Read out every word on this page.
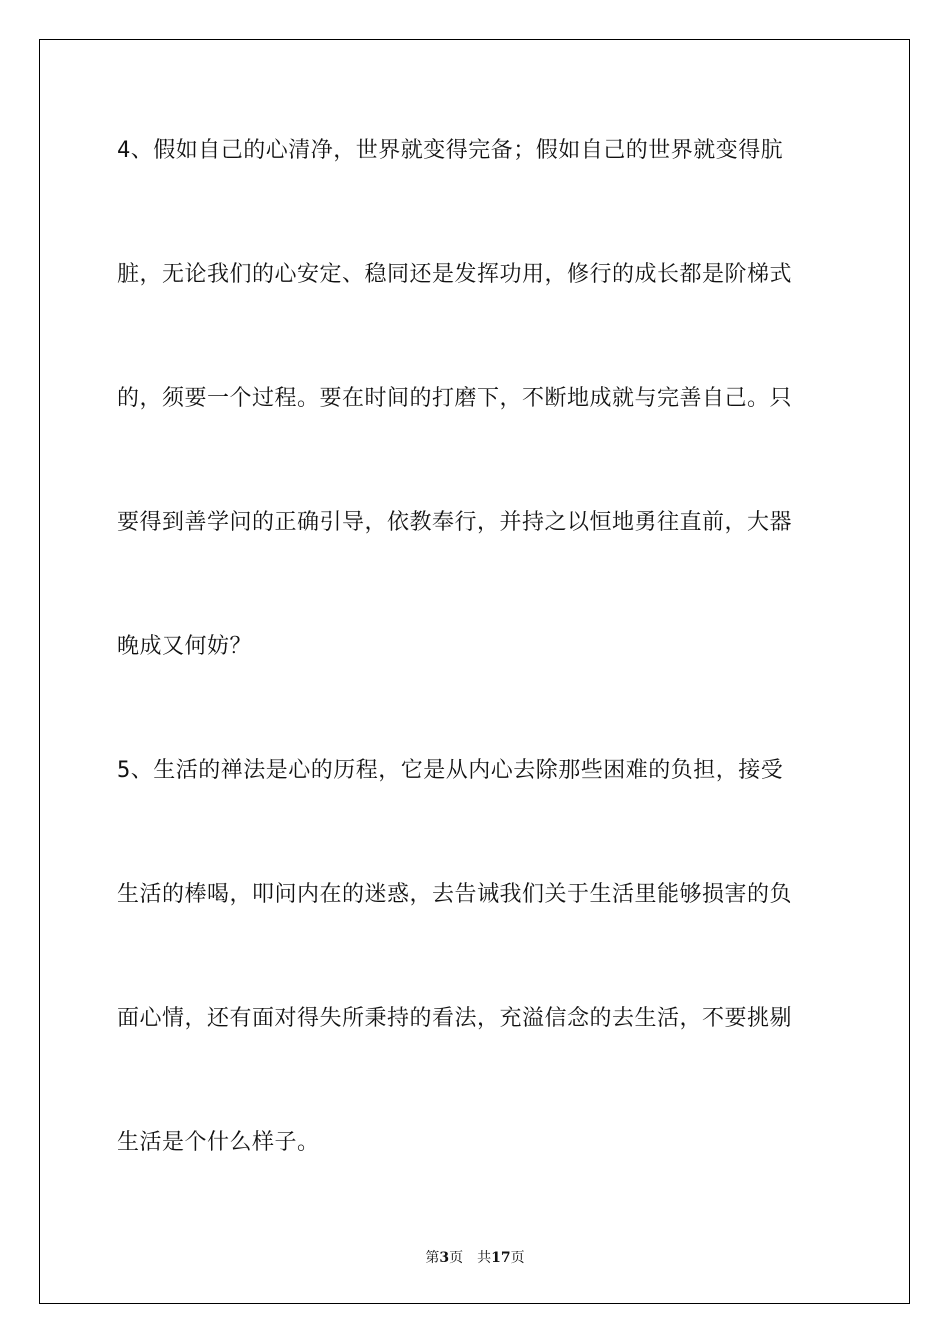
4、假如自己的心清净，世界就变得完备；假如自己的世界就变得肮
脏，无论我们的心安定、稳同还是发挥功用，修行的成长都是阶梯式
的，须要一个过程。要在时间的打磨下，不断地成就与完善自己。只
要得到善学问的正确引导，依教奉行，并持之以恒地勇往直前，大器
晚成又何妨？
5、生活的禅法是心的历程，它是从内心去除那些困难的负担，接受
生活的棒喝，叩问内在的迷惑，去告诫我们关于生活里能够损害的负
面心情，还有面对得失所秉持的看法，充溢信念的去生活，不要挑剔
生活是个什么样子。
第3页 共17页
